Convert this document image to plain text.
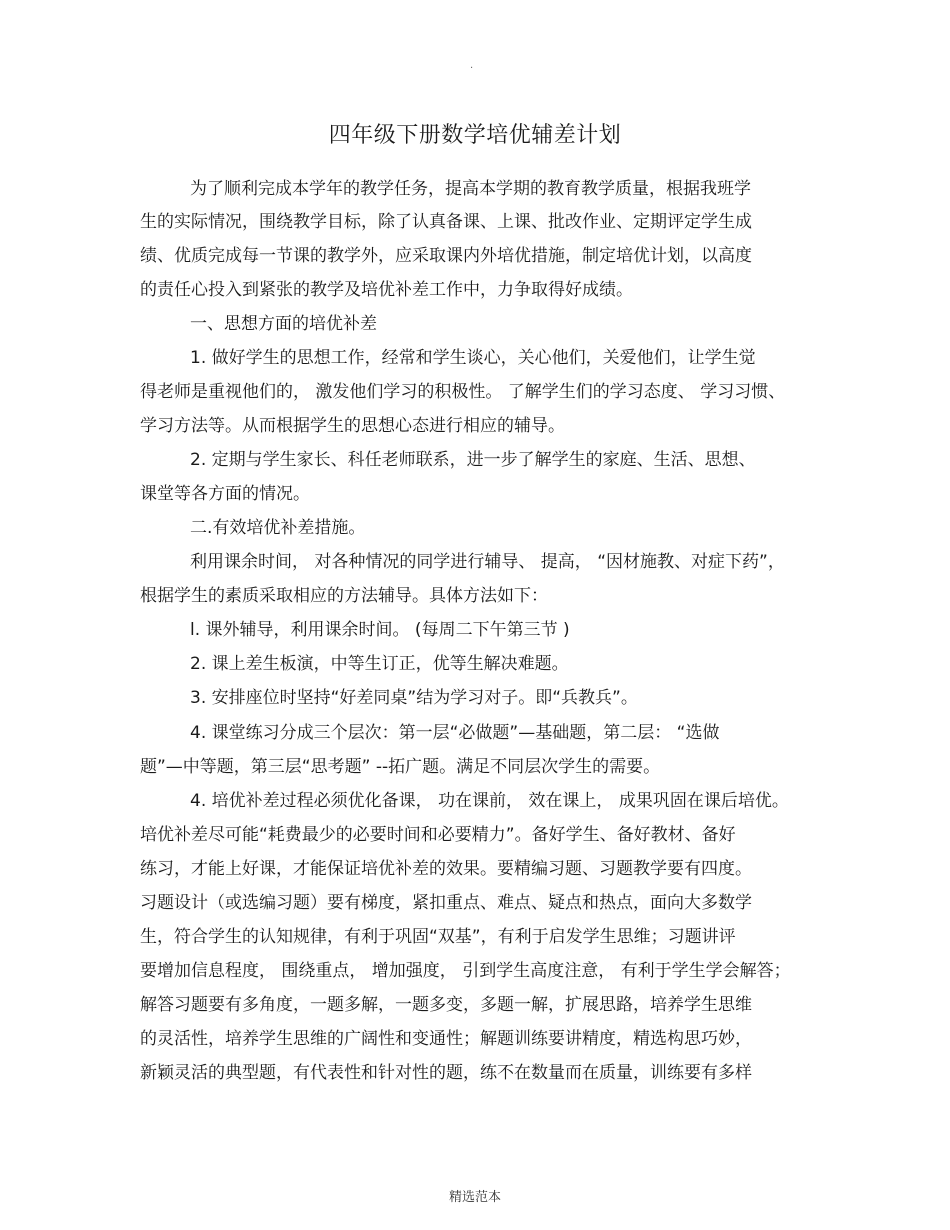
.
四年级下册数学培优辅差计划
为了顺利完成本学年的教学任务，提高本学期的教育教学质量，根据我班学
生的实际情况，围绕教学目标，除了认真备课、上课、批改作业、定期评定学生成
绩、优质完成每一节课的教学外，应采取课内外培优措施，制定培优计划，以高度
的责任心投入到紧张的教学及培优补差工作中，力争取得好成绩。
一、思想方面的培优补差
1. 做好学生的思想工作，经常和学生谈心，关心他们，关爱他们，让学生觉
得老师是重视他们的， 激发他们学习的积极性。 了解学生们的学习态度、 学习习惯、
学习方法等。从而根据学生的思想心态进行相应的辅导。
2. 定期与学生家长、科任老师联系，进一步了解学生的家庭、生活、思想、
课堂等各方面的情况。
二.有效培优补差措施。
利用课余时间， 对各种情况的同学进行辅导、 提高， “因材施教、对症下药”，
根据学生的素质采取相应的方法辅导。具体方法如下：
l. 课外辅导，利用课余时间。 (每周二下午第三节 )
2. 课上差生板演，中等生订正，优等生解决难题。
3. 安排座位时坚持“好差同桌”结为学习对子。即“兵教兵”。
4. 课堂练习分成三个层次：第一层“必做题”—基础题，第二层： “选做
题”—中等题，第三层“思考题” --拓广题。满足不同层次学生的需要。
4. 培优补差过程必须优化备课， 功在课前， 效在课上， 成果巩固在课后培优。
培优补差尽可能“耗费最少的必要时间和必要精力”。备好学生、备好教材、备好
练习，才能上好课，才能保证培优补差的效果。要精编习题、习题教学要有四度。
习题设计（或选编习题）要有梯度，紧扣重点、难点、疑点和热点，面向大多数学
生，符合学生的认知规律，有利于巩固“双基”，有利于启发学生思维；习题讲评
要增加信息程度， 围绕重点， 增加强度， 引到学生高度注意， 有利于学生学会解答；
解答习题要有多角度，一题多解，一题多变，多题一解，扩展思路，培养学生思维
的灵活性，培养学生思维的广阔性和变通性；解题训练要讲精度，精选构思巧妙，
新颖灵活的典型题，有代表性和针对性的题，练不在数量而在质量，训练要有多样
精选范本
